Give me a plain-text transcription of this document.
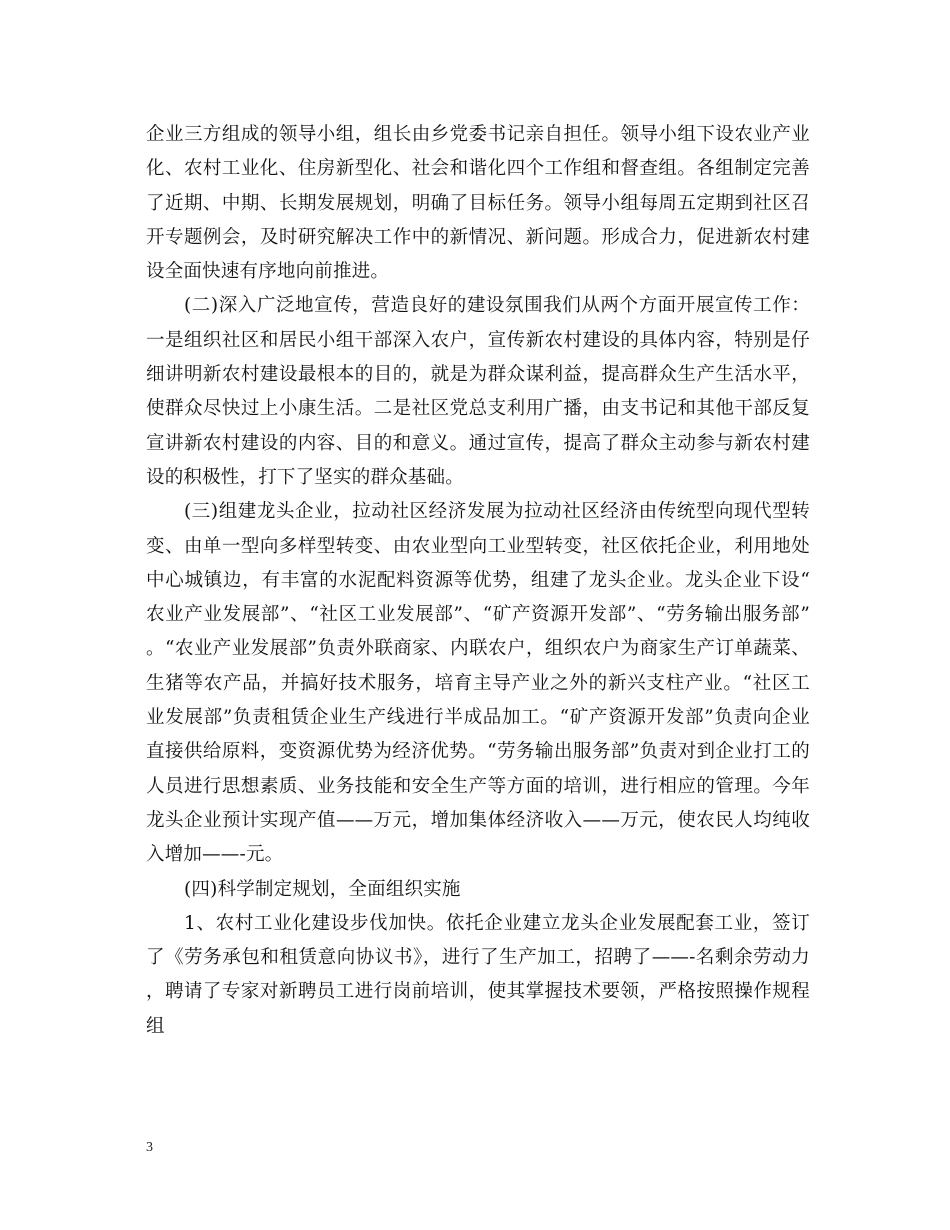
企业三方组成的领导小组，组长由乡党委书记亲自担任。领导小组下设农业产业化、农村工业化、住房新型化、社会和谐化四个工作组和督查组。各组制定完善了近期、中期、长期发展规划，明确了目标任务。领导小组每周五定期到社区召开专题例会，及时研究解决工作中的新情况、新问题。形成合力，促进新农村建设全面快速有序地向前推进。

(二)深入广泛地宣传，营造良好的建设氛围我们从两个方面开展宣传工作：一是组织社区和居民小组干部深入农户，宣传新农村建设的具体内容，特别是仔细讲明新农村建设最根本的目的，就是为群众谋利益，提高群众生产生活水平，使群众尽快过上小康生活。二是社区党总支利用广播，由支书记和其他干部反复宣讲新农村建设的内容、目的和意义。通过宣传，提高了群众主动参与新农村建设的积极性，打下了坚实的群众基础。

(三)组建龙头企业，拉动社区经济发展为拉动社区经济由传统型向现代型转变、由单一型向多样型转变、由农业型向工业型转变，社区依托企业，利用地处中心城镇边，有丰富的水泥配料资源等优势，组建了龙头企业。龙头企业下设“农业产业发展部”、“社区工业发展部”、“矿产资源开发部”、“劳务输出服务部”。“农业产业发展部”负责外联商家、内联农户，组织农户为商家生产订单蔬菜、生猪等农产品，并搞好技术服务，培育主导产业之外的新兴支柱产业。“社区工业发展部”负责租赁企业生产线进行半成品加工。“矿产资源开发部”负责向企业直接供给原料，变资源优势为经济优势。“劳务输出服务部”负责对到企业打工的人员进行思想素质、业务技能和安全生产等方面的培训，进行相应的管理。今年龙头企业预计实现产值——万元，增加集体经济收入——万元，使农民人均纯收入增加——-元。

(四)科学制定规划，全面组织实施

1、农村工业化建设步伐加快。依托企业建立龙头企业发展配套工业，签订了《劳务承包和租赁意向协议书》，进行了生产加工，招聘了——-名剩余劳动力，聘请了专家对新聘员工进行岗前培训，使其掌握技术要领，严格按照操作规程组

3
